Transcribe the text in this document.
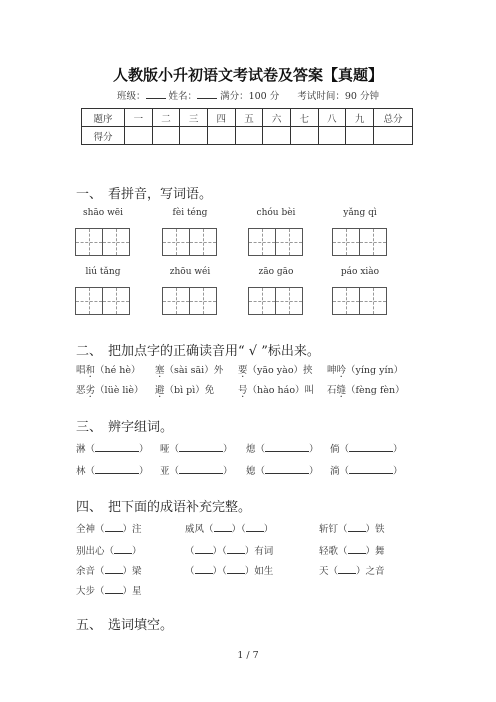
人教版小升初语文考试卷及答案【真题】
班级： 姓名： 满分：100 分 考试时间：90 分钟
题序	一	二	三	四	五	六	七	八	九	总分
得分										
一、 看拼音，写词语。
shāo wēi	fèi téng	chóu bèi	yǎng qì
liú tǎng	zhōu wéi	zāo gāo	páo xiào
二、 把加点字的正确读音用“ √ ”标出来。
唱和（hé hè） 塞（sài sāi）外 要（yāo yào）挟 呻吟（yíng yín）
恶劣（lüè liè） 避（bì pì）免 号（hào háo）叫 石缝（fèng fèn）
三、 辨字组词。
淋（	） 哑（	） 熄（	） 倘（	）
林（	） 亚（	） 媳（	） 淌（	）
四、 把下面的成语补充完整。
全神（ ）注	威风（ ）（ ）	斩钉（ ）铁
别出心（ ）	（ ）（ ）有词	轻歌（ ）舞
余音（ ）梁	（ ）（ ）如生	天（ ）之音
大步（ ）星
五、 选词填空。
1 / 7
